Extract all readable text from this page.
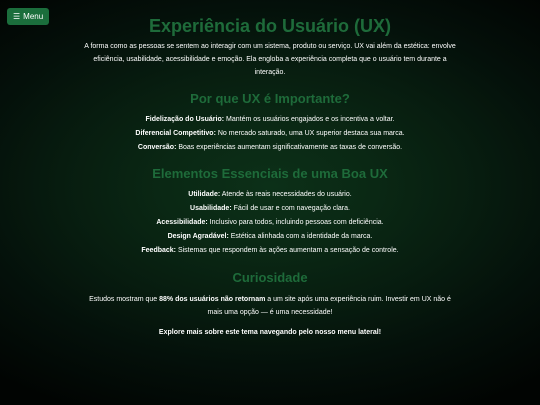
☰ Menu	Experiência do Usuário (UX)

A forma como as pessoas se sentem ao interagir com um sistema, produto ou serviço. UX vai além da estética: envolve eficiência, usabilidade, acessibilidade e emoção. Ela engloba a experiência completa que o usuário tem durante a interação.

Por que UX é Importante?

Fidelização do Usuário: Mantém os usuários engajados e os incentiva a voltar.

Diferencial Competitivo: No mercado saturado, uma UX superior destaca sua marca.

Conversão: Boas experiências aumentam significativamente as taxas de conversão.

Elementos Essenciais de uma Boa UX

Utilidade: Atende às reais necessidades do usuário.

Usabilidade: Fácil de usar e com navegação clara.

Acessibilidade: Inclusivo para todos, incluindo pessoas com deficiência.

Design Agradável: Estética alinhada com a identidade da marca.

Feedback: Sistemas que respondem às ações aumentam a sensação de controle.

Curiosidade

Estudos mostram que 88% dos usuários não retornam a um site após uma experiência ruim. Investir em UX não é mais uma opção — é uma necessidade!

Explore mais sobre este tema navegando pelo nosso menu lateral!
